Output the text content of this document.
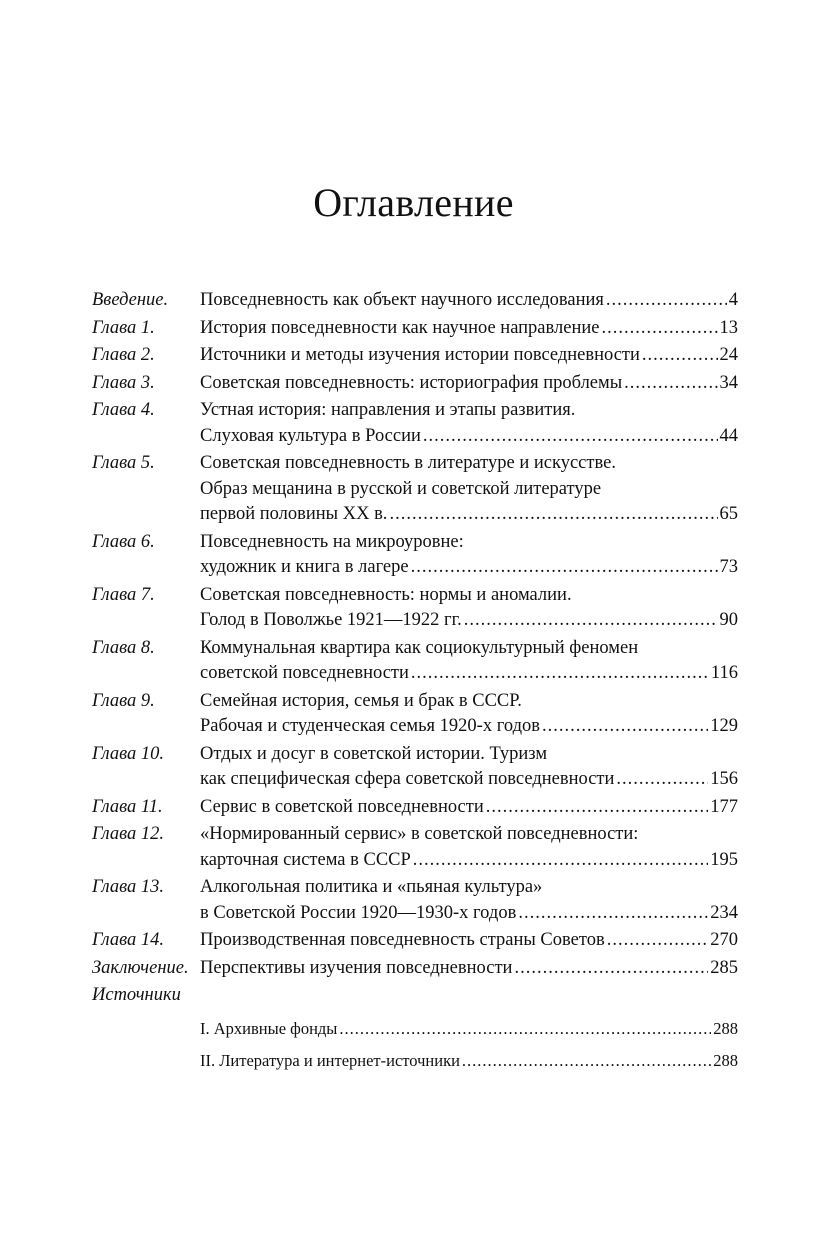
Оглавление
Введение.	Повседневность как объект научного исследования .....	4
Глава 1.	История повседневности как научное направление .....	13
Глава 2.	Источники и методы изучения истории повседневности .....	24
Глава 3.	Советская повседневность: историография проблемы .....	34
Глава 4.	Устная история: направления и этапы развития.
Слуховая культура в России .....	44
Глава 5.	Советская повседневность в литературе и искусстве.
Образ мещанина в русской и советской литературе
первой половины XX в. .....	65
Глава 6.	Повседневность на микроуровне:
художник и книга в лагере .....	73
Глава 7.	Советская повседневность: нормы и аномалии.
Голод в Поволжье 1921—1922 гг. .....	90
Глава 8.	Коммунальная квартира как социокультурный феномен
советской повседневности .....	116
Глава 9.	Семейная история, семья и брак в СССР.
Рабочая и студенческая семья 1920-х годов .....	129
Глава 10.	Отдых и досуг в советской истории. Туризм
как специфическая сфера советской повседневности .....	156
Глава 11.	Сервис в советской повседневности .....	177
Глава 12.	«Нормированный сервис» в советской повседневности:
карточная система в СССР .....	195
Глава 13.	Алкогольная политика и «пьяная культура»
в Советской России 1920—1930-х годов .....	234
Глава 14.	Производственная повседневность страны Советов .....	270
Заключение. Перспективы изучения повседневности .....	285
Источники
I. Архивные фонды .....	288
II. Литература и интернет-источники .....	288
